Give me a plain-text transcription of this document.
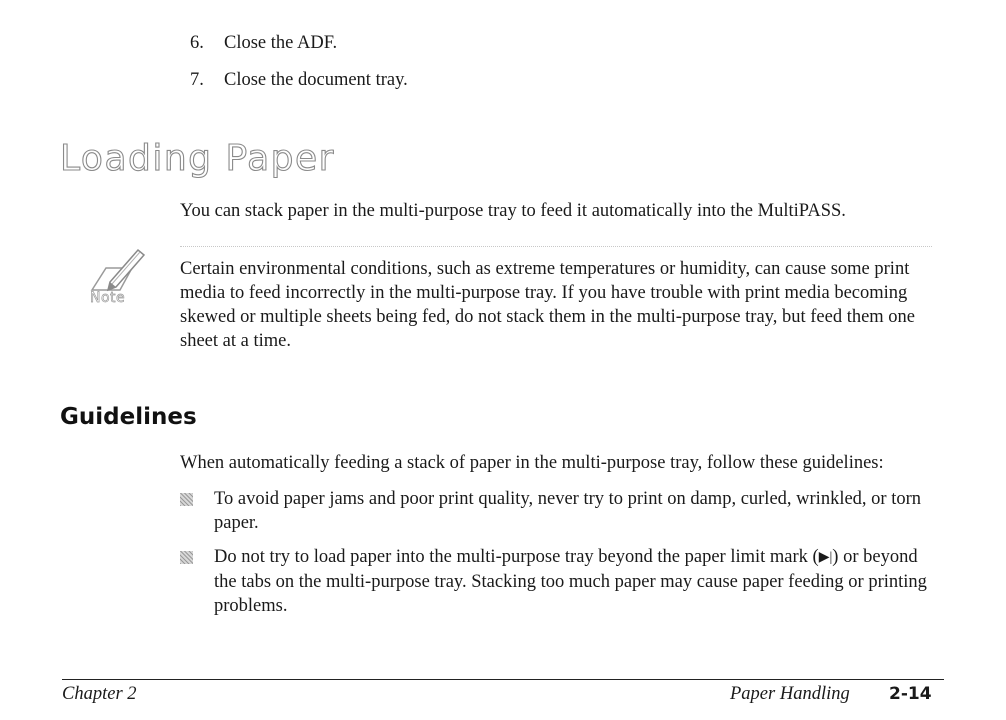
6. Close the ADF.
7. Close the document tray.
Loading Paper
You can stack paper in the multi-purpose tray to feed it automatically into the MultiPASS.
Note
Certain environmental conditions, such as extreme temperatures or humidity, can cause some print media to feed incorrectly in the multi-purpose tray. If you have trouble with print media becoming skewed or multiple sheets being fed, do not stack them in the multi-purpose tray, but feed them one sheet at a time.
Guidelines
When automatically feeding a stack of paper in the multi-purpose tray, follow these guidelines:
To avoid paper jams and poor print quality, never try to print on damp, curled, wrinkled, or torn paper.
Do not try to load paper into the multi-purpose tray beyond the paper limit mark (▶|) or beyond the tabs on the multi-purpose tray. Stacking too much paper may cause paper feeding or printing problems.
Chapter 2	Paper Handling 2-14
